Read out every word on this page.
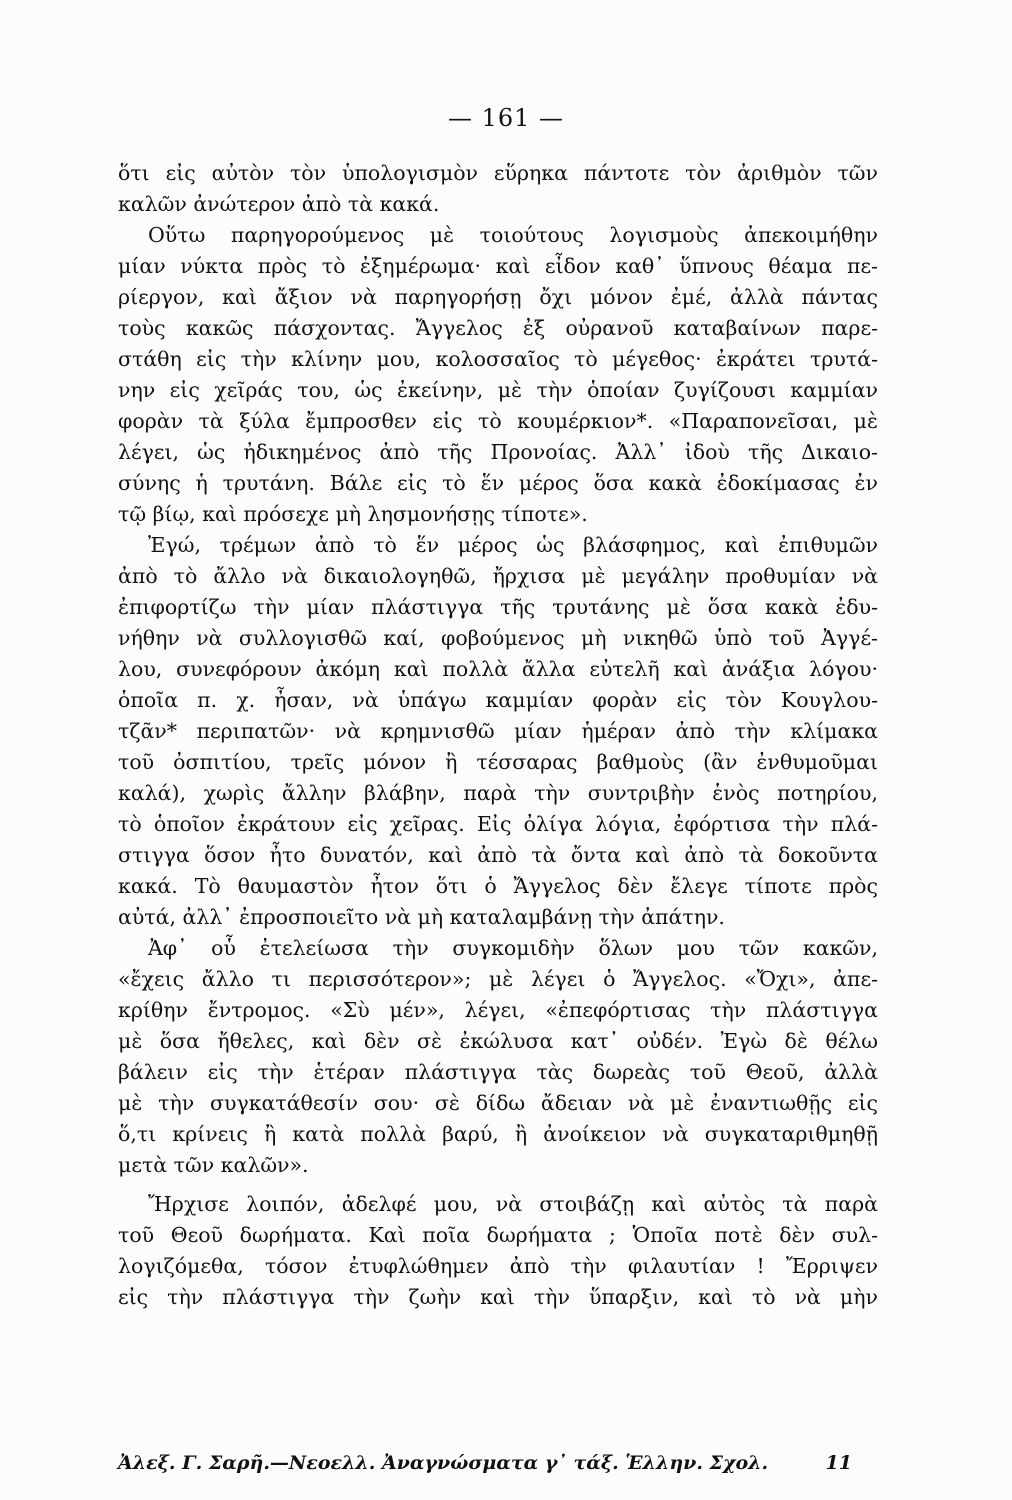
— 161 —
ὅτι εἰς αὐτὸν τὸν ὑπολογισμὸν εὕρηκα πάντοτε τὸν ἀριθμὸν τῶν
καλῶν ἀνώτερον ἀπὸ τὰ κακά.
Οὕτω παρηγορούμενος μὲ τοιούτους λογισμοὺς ἀπεκοιμήθην
μίαν νύκτα πρὸς τὸ ἐξημέρωμα· καὶ εἶδον καθ᾽ ὕπνους θέαμα πε-
ρίεργον, καὶ ἄξιον νὰ παρηγορήσῃ ὄχι μόνον ἐμέ, ἀλλὰ πάντας
τοὺς κακῶς πάσχοντας. Ἄγγελος ἐξ οὐρανοῦ καταβαίνων παρε-
στάθη εἰς τὴν κλίνην μου, κολοσσαῖος τὸ μέγεθος· ἐκράτει τρυτά-
νην εἰς χεῖράς του, ὡς ἐκείνην, μὲ τὴν ὁποίαν ζυγίζουσι καμμίαν
φορὰν τὰ ξύλα ἔμπροσθεν εἰς τὸ κουμέρκιον*. «Παραπονεῖσαι, μὲ
λέγει, ὡς ἠδικημένος ἀπὸ τῆς Προνοίας. Ἀλλ᾽ ἰδοὺ τῆς Δικαιο-
σύνης ἡ τρυτάνη. Βάλε εἰς τὸ ἕν μέρος ὅσα κακὰ ἐδοκίμασας ἐν
τῷ βίῳ, καὶ πρόσεχε μὴ λησμονήσῃς τίποτε».
Ἐγώ, τρέμων ἀπὸ τὸ ἕν μέρος ὡς βλάσφημος, καὶ ἐπιθυμῶν
ἀπὸ τὸ ἄλλο νὰ δικαιολογηθῶ, ἤρχισα μὲ μεγάλην προθυμίαν νὰ
ἐπιφορτίζω τὴν μίαν πλάστιγγα τῆς τρυτάνης μὲ ὅσα κακὰ ἐδυ-
νήθην νὰ συλλογισθῶ καί, φοβούμενος μὴ νικηθῶ ὑπὸ τοῦ Ἀγγέ-
λου, συνεφόρουν ἀκόμη καὶ πολλὰ ἄλλα εὐτελῆ καὶ ἀνάξια λόγου·
ὁποῖα π. χ. ἦσαν, νὰ ὑπάγω καμμίαν φορὰν εἰς τὸν Κουγλου-
τζᾶν* περιπατῶν· νὰ κρημνισθῶ μίαν ἡμέραν ἀπὸ τὴν κλίμακα
τοῦ ὀσπιτίου, τρεῖς μόνον ἢ τέσσαρας βαθμοὺς (ἂν ἐνθυμοῦμαι
καλά), χωρὶς ἄλλην βλάβην, παρὰ τὴν συντριβὴν ἑνὸς ποτηρίου,
τὸ ὁποῖον ἐκράτουν εἰς χεῖρας. Εἰς ὀλίγα λόγια, ἐφόρτισα τὴν πλά-
στιγγα ὅσον ἦτο δυνατόν, καὶ ἀπὸ τὰ ὄντα καὶ ἀπὸ τὰ δοκοῦντα
κακά. Τὸ θαυμαστὸν ἦτον ὅτι ὁ Ἄγγελος δὲν ἔλεγε τίποτε πρὸς
αὐτά, ἀλλ᾽ ἐπροσποιεῖτο νὰ μὴ καταλαμβάνῃ τὴν ἀπάτην.
Ἀφ᾽ οὗ ἐτελείωσα τὴν συγκομιδὴν ὅλων μου τῶν κακῶν,
«ἔχεις ἄλλο τι περισσότερον»; μὲ λέγει ὁ Ἄγγελος. «Ὄχι», ἀπε-
κρίθην ἔντρομος. «Σὺ μέν», λέγει, «ἐπεφόρτισας τὴν πλάστιγγα
μὲ ὅσα ἤθελες, καὶ δὲν σὲ ἐκώλυσα κατ᾽ οὐδέν. Ἐγὼ δὲ θέλω
βάλειν εἰς τὴν ἑτέραν πλάστιγγα τὰς δωρεὰς τοῦ Θεοῦ, ἀλλὰ
μὲ τὴν συγκατάθεσίν σου· σὲ δίδω ἄδειαν νὰ μὲ ἐναντιωθῇς εἰς
ὅ,τι κρίνεις ἢ κατὰ πολλὰ βαρύ, ἢ ἀνοίκειον νὰ συγκαταριθμηθῇ
μετὰ τῶν καλῶν».
Ἤρχισε λοιπόν, ἀδελφέ μου, νὰ στοιβάζῃ καὶ αὐτὸς τὰ παρὰ
τοῦ Θεοῦ δωρήματα. Καὶ ποῖα δωρήματα ; Ὁποῖα ποτὲ δὲν συλ-
λογιζόμεθα, τόσον ἐτυφλώθημεν ἀπὸ τὴν φιλαυτίαν ! Ἔρριψεν
εἰς τὴν πλάστιγγα τὴν ζωὴν καὶ τὴν ὕπαρξιν, καὶ τὸ νὰ μὴν
Ἀλεξ. Γ. Σαρῆ.—Νεοελλ. Ἀναγνώσματα γ᾽ τάξ. Ἑλλην. Σχολ.	11
